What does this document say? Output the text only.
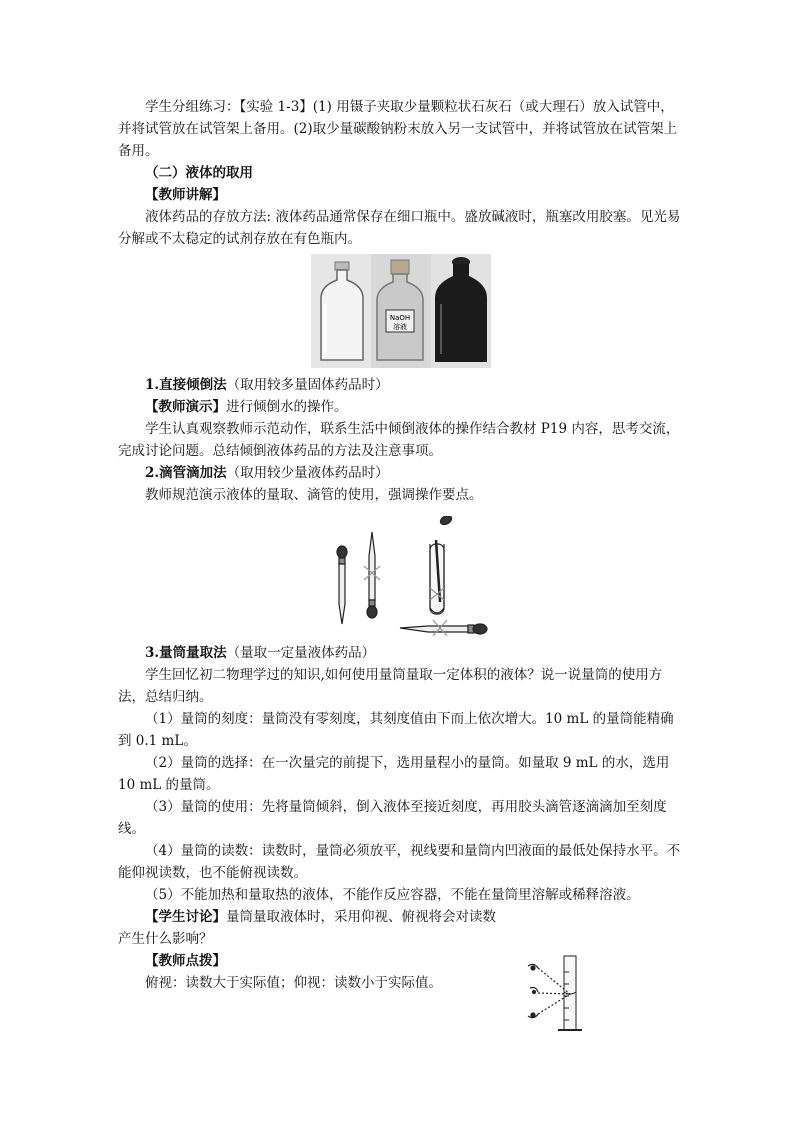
学生分组练习：【实验 1-3】(1) 用镊子夹取少量颗粒状石灰石（或大理石）放入试管中，并将试管放在试管架上备用。(2)取少量碳酸钠粉末放入另一支试管中，并将试管放在试管架上备用。

（二）液体的取用

【教师讲解】

液体药品的存放方法: 液体药品通常保存在细口瓶中。盛放碱液时，瓶塞改用胶塞。见光易分解或不太稳定的试剂存放在有色瓶内。

NaOH
溶液

1.直接倾倒法（取用较多量固体药品时）

【教师演示】进行倾倒水的操作。

学生认真观察教师示范动作，联系生活中倾倒液体的操作结合教材 P19 内容，思考交流，完成讨论问题。总结倾倒液体药品的方法及注意事项。

2.滴管滴加法（取用较少量液体药品时）

教师规范演示液体的量取、滴管的使用，强调操作要点。

3.量筒量取法（量取一定量液体药品）

学生回忆初二物理学过的知识,如何使用量筒量取一定体积的液体？说一说量筒的使用方法，总结归纳。

（1）量筒的刻度：量筒没有零刻度，其刻度值由下而上依次增大。10 mL 的量筒能精确到 0.1 mL。

（2）量筒的选择：在一次量完的前提下，选用量程小的量筒。如量取 9 mL 的水，选用 10 mL 的量筒。

（3）量筒的使用：先将量筒倾斜，倒入液体至接近刻度，再用胶头滴管逐滴滴加至刻度线。

（4）量筒的读数：读数时，量筒必须放平，视线要和量筒内凹液面的最低处保持水平。不能仰视读数，也不能俯视读数。

（5）不能加热和量取热的液体，不能作反应容器，不能在量筒里溶解或稀释溶液。

【学生讨论】量筒量取液体时，采用仰视、俯视将会对读数

产生什么影响？

【教师点拨】

俯视：读数大于实际值；仰视：读数小于实际值。
